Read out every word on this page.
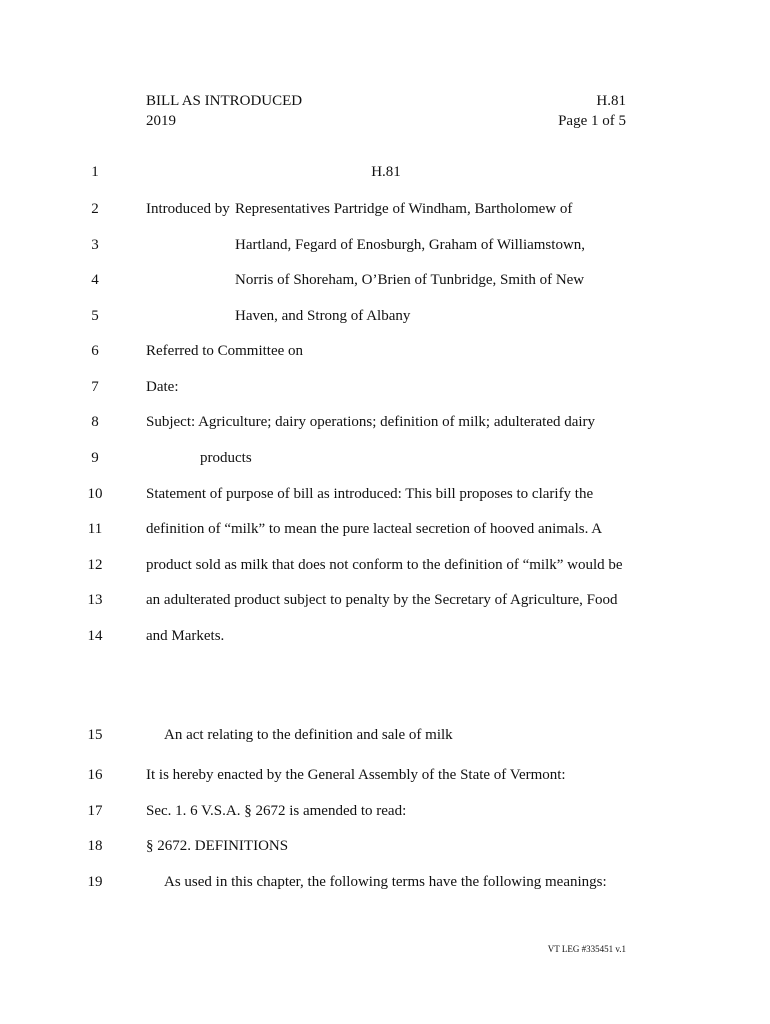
BILL AS INTRODUCED
2019
H.81
Page 1 of 5
1
2
3
4
5
6
7
8
9
10
11
12
13
14
15
16
17
18
19
H.81
Introduced by Representatives Partridge of Windham, Bartholomew of
Hartland, Fegard of Enosburgh, Graham of Williamstown,
Norris of Shoreham, O’Brien of Tunbridge, Smith of New
Haven, and Strong of Albany
Referred to Committee on
Date:
Subject: Agriculture; dairy operations; definition of milk; adulterated dairy
products
Statement of purpose of bill as introduced: This bill proposes to clarify the
definition of “milk” to mean the pure lacteal secretion of hooved animals. A
product sold as milk that does not conform to the definition of “milk” would be
an adulterated product subject to penalty by the Secretary of Agriculture, Food
and Markets.
An act relating to the definition and sale of milk
It is hereby enacted by the General Assembly of the State of Vermont:
Sec. 1. 6 V.S.A. § 2672 is amended to read:
§ 2672. DEFINITIONS
As used in this chapter, the following terms have the following meanings:
VT LEG #335451 v.1
